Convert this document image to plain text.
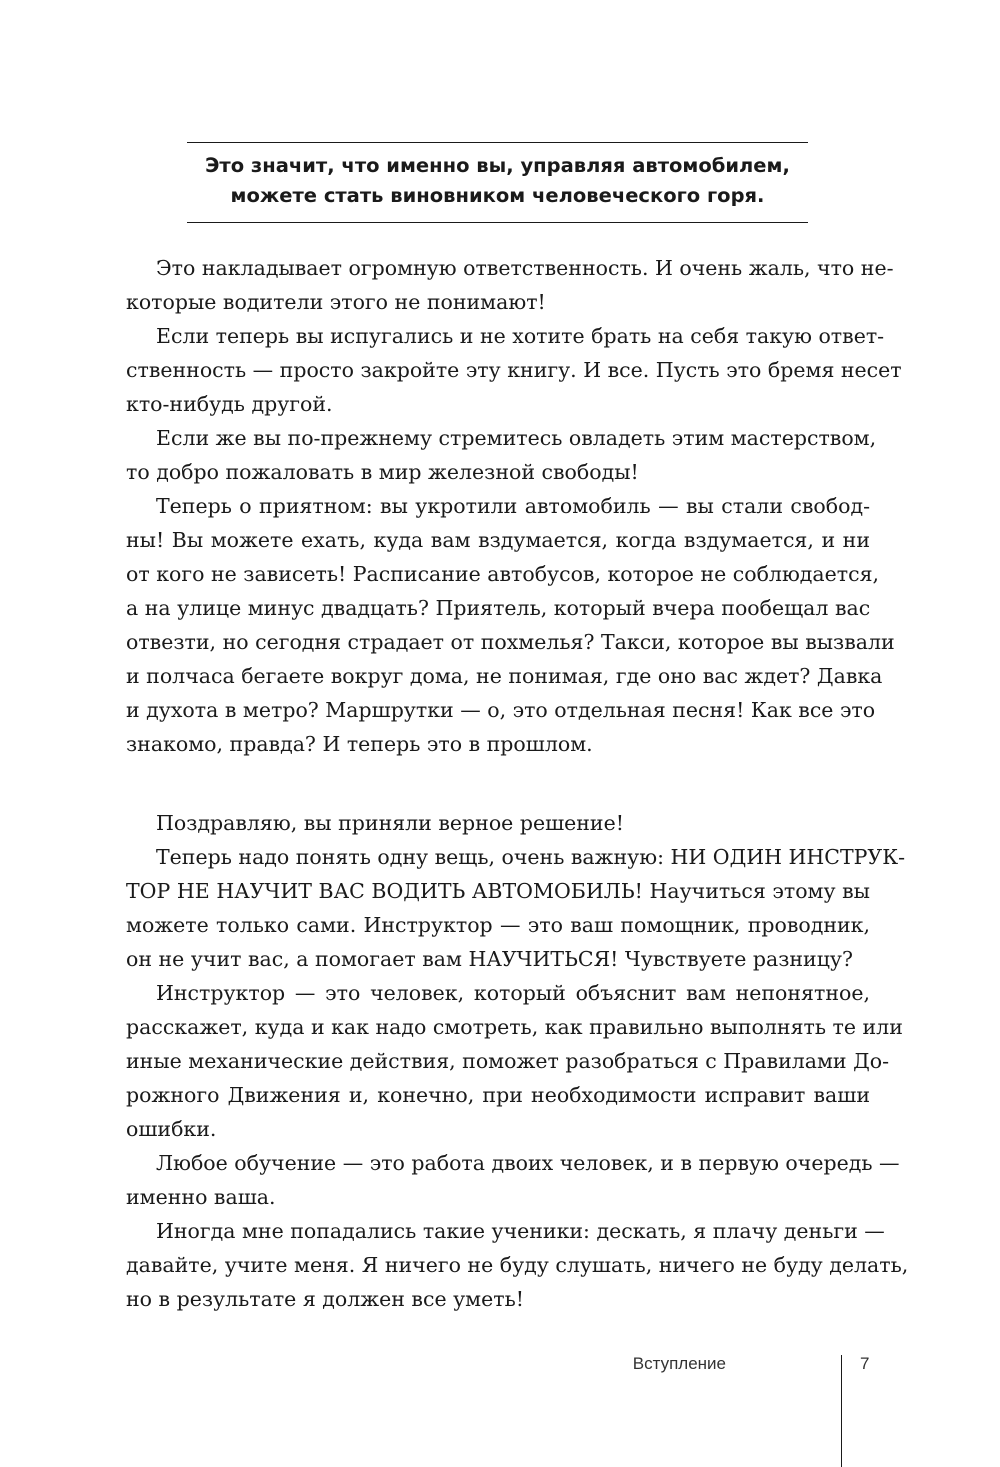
Это значит, что именно вы, управляя автомобилем,
можете стать виновником человеческого горя.

Это накладывает огромную ответственность. И очень жаль, что не-
которые водители этого не понимают!

Если теперь вы испугались и не хотите брать на себя такую ответ-
ственность — просто закройте эту книгу. И все. Пусть это бремя несет
кто-нибудь другой.

Если же вы по-прежнему стремитесь овладеть этим мастерством,
то добро пожаловать в мир железной свободы!

Теперь о приятном: вы укротили автомобиль — вы стали свобод-
ны! Вы можете ехать, куда вам вздумается, когда вздумается, и ни
от кого не зависеть! Расписание автобусов, которое не соблюдается,
а на улице минус двадцать? Приятель, который вчера пообещал вас
отвезти, но сегодня страдает от похмелья? Такси, которое вы вызвали
и полчаса бегаете вокруг дома, не понимая, где оно вас ждет? Давка
и духота в метро? Маршрутки — о, это отдельная песня! Как все это
знакомо, правда? И теперь это в прошлом.

Поздравляю, вы приняли верное решение!

Теперь надо понять одну вещь, очень важную: НИ ОДИН ИНСТРУК-
ТОР НЕ НАУЧИТ ВАС ВОДИТЬ АВТОМОБИЛЬ! Научиться этому вы
можете только сами. Инструктор — это ваш помощник, проводник,
он не учит вас, а помогает вам НАУЧИТЬСЯ! Чувствуете разницу?

Инструктор — это человек, который объяснит вам непонятное,
расскажет, куда и как надо смотреть, как правильно выполнять те или
иные механические действия, поможет разобраться с Правилами До-
рожного Движения и, конечно, при необходимости исправит ваши
ошибки.

Любое обучение — это работа двоих человек, и в первую очередь —
именно ваша.

Иногда мне попадались такие ученики: дескать, я плачу деньги —
давайте, учите меня. Я ничего не буду слушать, ничего не буду делать,
но в результате я должен все уметь!

Вступление	7
